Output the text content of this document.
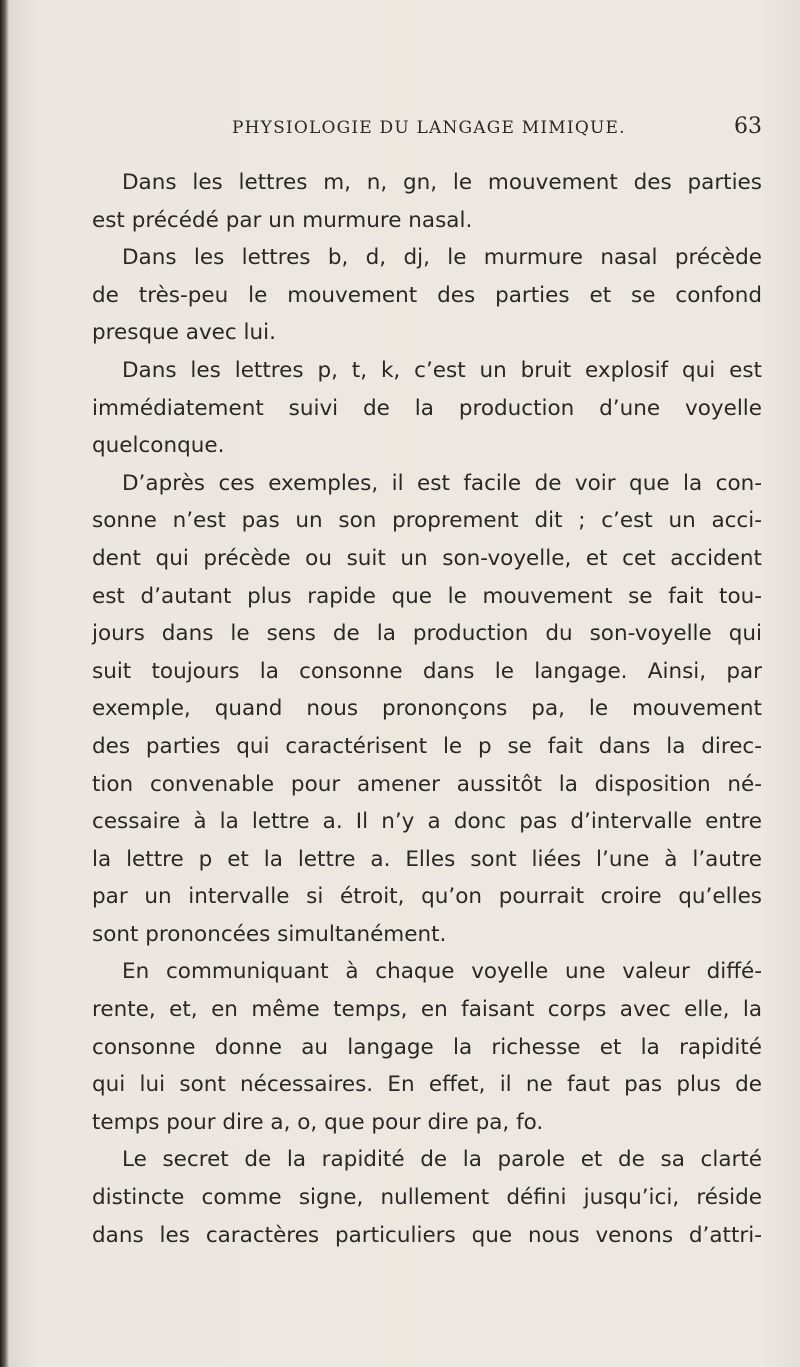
PHYSIOLOGIE DU LANGAGE MIMIQUE.	63
Dans les lettres m, n, gn, le mouvement des parties
est précédé par un murmure nasal.
Dans les lettres b, d, dj, le murmure nasal précède
de très-peu le mouvement des parties et se confond
presque avec lui.
Dans les lettres p, t, k, c’est un bruit explosif qui est
immédiatement suivi de la production d’une voyelle
quelconque.
D’après ces exemples, il est facile de voir que la con-
sonne n’est pas un son proprement dit ; c’est un acci-
dent qui précède ou suit un son-voyelle, et cet accident
est d’autant plus rapide que le mouvement se fait tou-
jours dans le sens de la production du son-voyelle qui
suit toujours la consonne dans le langage. Ainsi, par
exemple, quand nous prononçons pa, le mouvement
des parties qui caractérisent le p se fait dans la direc-
tion convenable pour amener aussitôt la disposition né-
cessaire à la lettre a. Il n’y a donc pas d’intervalle entre
la lettre p et la lettre a. Elles sont liées l’une à l’autre
par un intervalle si étroit, qu’on pourrait croire qu’elles
sont prononcées simultanément.
En communiquant à chaque voyelle une valeur diffé-
rente, et, en même temps, en faisant corps avec elle, la
consonne donne au langage la richesse et la rapidité
qui lui sont nécessaires. En effet, il ne faut pas plus de
temps pour dire a, o, que pour dire pa, fo.
Le secret de la rapidité de la parole et de sa clarté
distincte comme signe, nullement défini jusqu’ici, réside
dans les caractères particuliers que nous venons d’attri-
